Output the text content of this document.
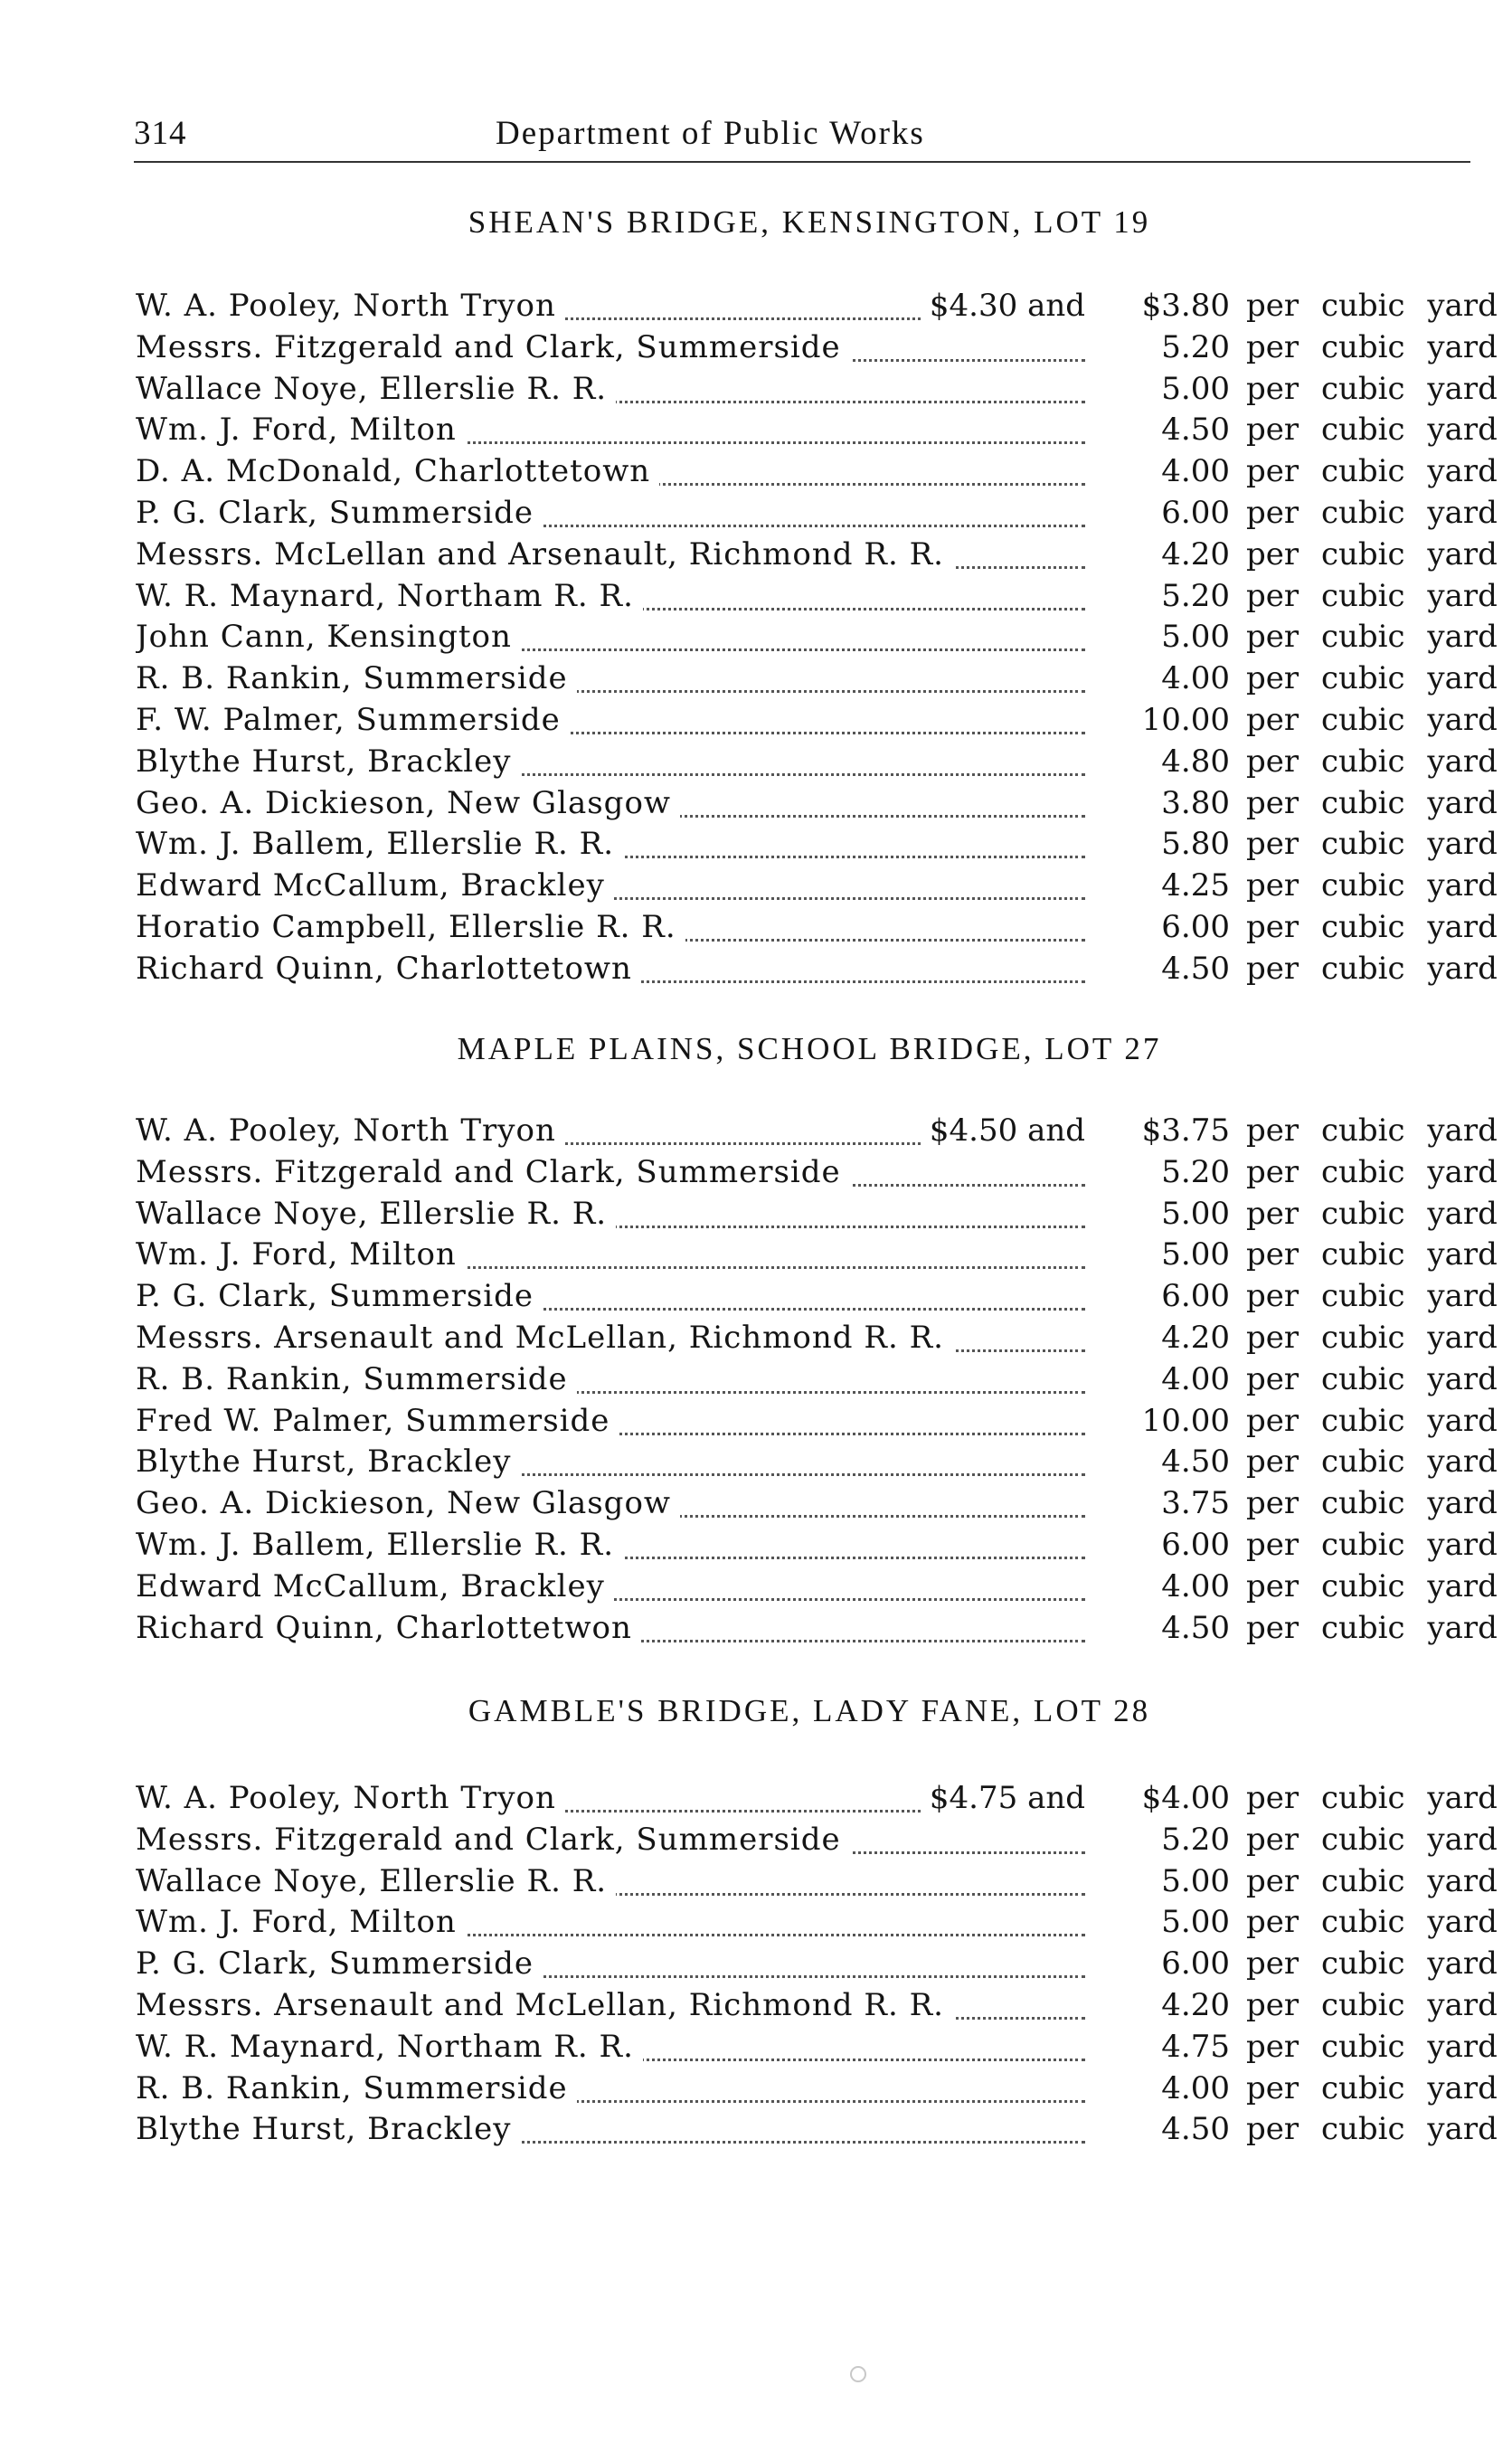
314	Department of Public Works
SHEAN'S BRIDGE, KENSINGTON, LOT 19
W. A. Pooley, North Tryon	$4.30 and	$3.80 per cubic yard
Messrs. Fitzgerald and Clark, Summerside	5.20 per cubic yard
Wallace Noye, Ellerslie R. R.	5.00 per cubic yard
Wm. J. Ford, Milton	4.50 per cubic yard
D. A. McDonald, Charlottetown	4.00 per cubic yard
P. G. Clark, Summerside	6.00 per cubic yard
Messrs. McLellan and Arsenault, Richmond R. R.	4.20 per cubic yard
W. R. Maynard, Northam R. R.	5.20 per cubic yard
John Cann, Kensington	5.00 per cubic yard
R. B. Rankin, Summerside	4.00 per cubic yard
F. W. Palmer, Summerside	10.00 per cubic yard
Blythe Hurst, Brackley	4.80 per cubic yard
Geo. A. Dickieson, New Glasgow	3.80 per cubic yard
Wm. J. Ballem, Ellerslie R. R.	5.80 per cubic yard
Edward McCallum, Brackley	4.25 per cubic yard
Horatio Campbell, Ellerslie R. R.	6.00 per cubic yard
Richard Quinn, Charlottetown	4.50 per cubic yard
MAPLE PLAINS, SCHOOL BRIDGE, LOT 27
W. A. Pooley, North Tryon	$4.50 and	$3.75 per cubic yard
Messrs. Fitzgerald and Clark, Summerside	5.20 per cubic yard
Wallace Noye, Ellerslie R. R.	5.00 per cubic yard
Wm. J. Ford, Milton	5.00 per cubic yard
P. G. Clark, Summerside	6.00 per cubic yard
Messrs. Arsenault and McLellan, Richmond R. R.	4.20 per cubic yard
R. B. Rankin, Summerside	4.00 per cubic yard
Fred W. Palmer, Summerside	10.00 per cubic yard
Blythe Hurst, Brackley	4.50 per cubic yard
Geo. A. Dickieson, New Glasgow	3.75 per cubic yard
Wm. J. Ballem, Ellerslie R. R.	6.00 per cubic yard
Edward McCallum, Brackley	4.00 per cubic yard
Richard Quinn, Charlottetwon	4.50 per cubic yard
GAMBLE'S BRIDGE, LADY FANE, LOT 28
W. A. Pooley, North Tryon	$4.75 and	$4.00 per cubic yard
Messrs. Fitzgerald and Clark, Summerside	5.20 per cubic yard
Wallace Noye, Ellerslie R. R.	5.00 per cubic yard
Wm. J. Ford, Milton	5.00 per cubic yard
P. G. Clark, Summerside	6.00 per cubic yard
Messrs. Arsenault and McLellan, Richmond R. R.	4.20 per cubic yard
W. R. Maynard, Northam R. R.	4.75 per cubic yard
R. B. Rankin, Summerside	4.00 per cubic yard
Blythe Hurst, Brackley	4.50 per cubic yard
